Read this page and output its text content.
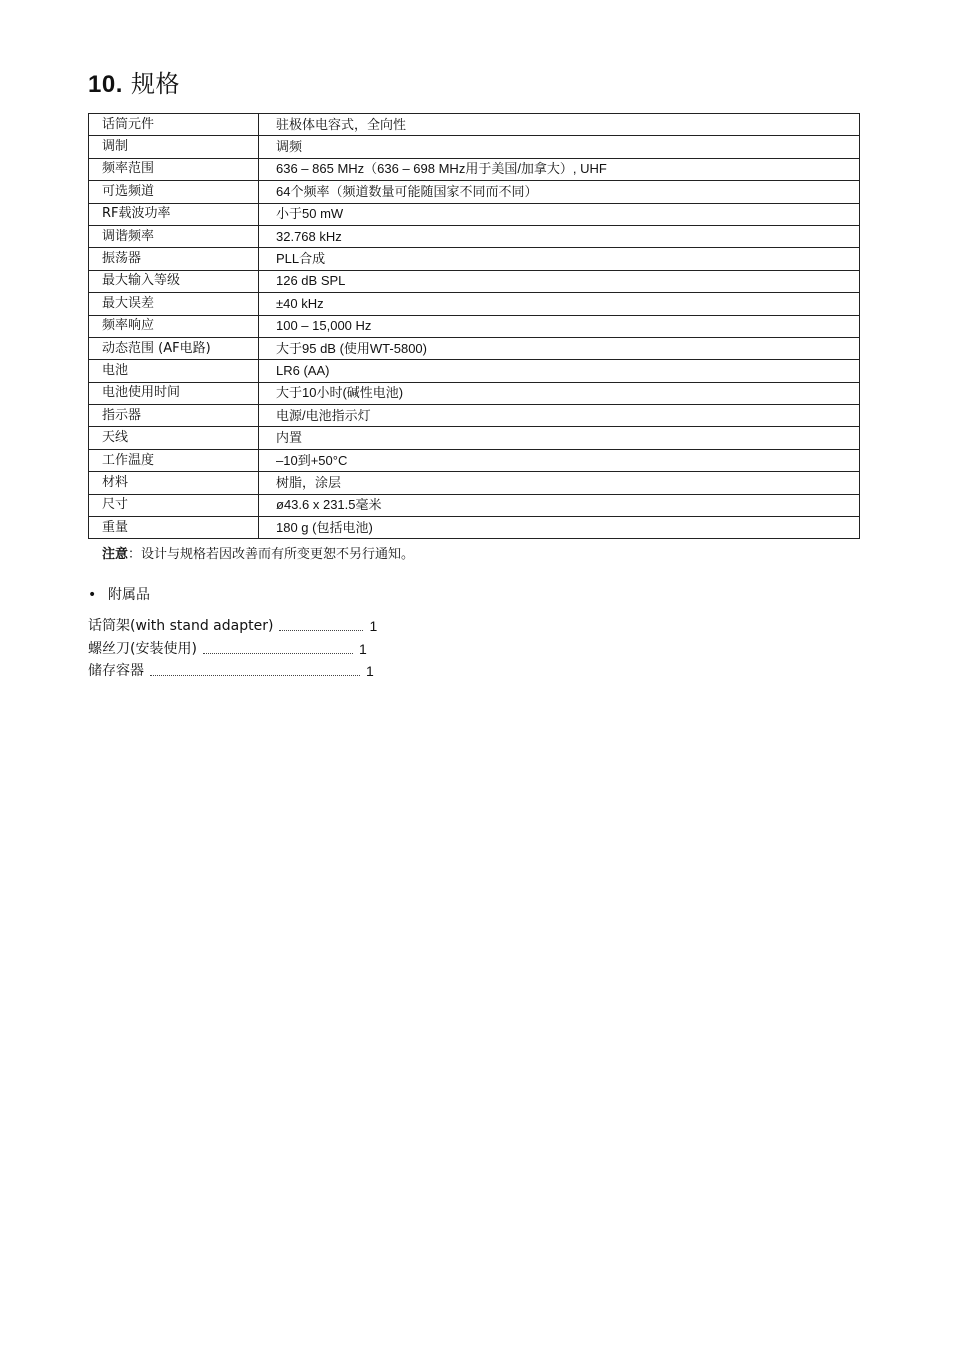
10. 规格
话筒元件	驻极体电容式，全向性
调制	调频
频率范围	636 – 865 MHz（636 – 698 MHz用于美国/加拿大）, UHF
可选频道	64个频率（频道数量可能随国家不同而不同）
RF载波功率	小于50 mW
调谐频率	32.768 kHz
振荡器	PLL合成
最大输入等级	126 dB SPL
最大误差	±40 kHz
频率响应	100 – 15,000 Hz
动态范围 (AF电路)	大于95 dB (使用WT-5800)
电池	LR6 (AA)
电池使用时间	大于10小时(碱性电池)
指示器	电源/电池指示灯
天线	内置
工作温度	–10到+50°C
材料	树脂，涂层
尺寸	ø43.6 x 231.5毫米
重量	180 g (包括电池)
注意：设计与规格若因改善而有所变更恕不另行通知。
• 附属品
话筒架(with stand adapter)	1
螺丝刀(安装使用)	1
储存容器	1
